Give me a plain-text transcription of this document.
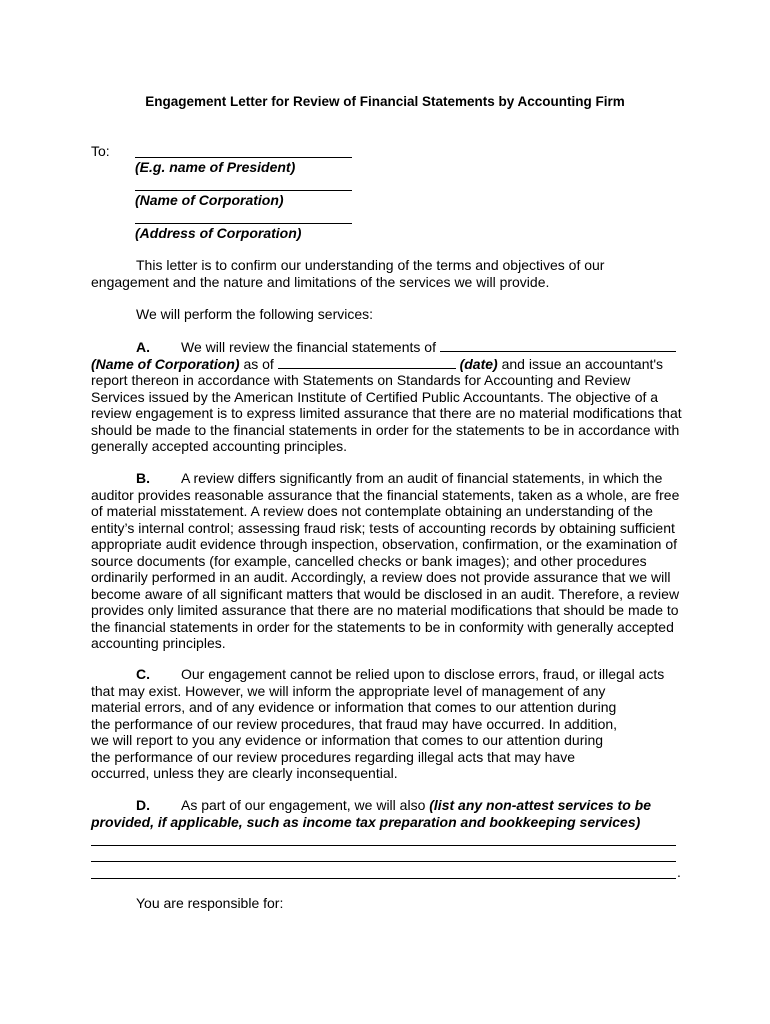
Engagement Letter for Review of Financial Statements by Accounting Firm
To:
(E.g. name of President)
(Name of Corporation)
(Address of Corporation)

This letter is to confirm our understanding of the terms and objectives of our engagement and the nature and limitations of the services we will provide.

We will perform the following services:

A. We will review the financial statements of
(Name of Corporation) as of	(date) and issue an accountant's report thereon in accordance with Statements on Standards for Accounting and Review Services issued by the American Institute of Certified Public Accountants. The objective of a review engagement is to express limited assurance that there are no material modifications that should be made to the financial statements in order for the statements to be in accordance with generally accepted accounting principles.

B. A review differs significantly from an audit of financial statements, in which the auditor provides reasonable assurance that the financial statements, taken as a whole, are free of material misstatement. A review does not contemplate obtaining an understanding of the entity’s internal control; assessing fraud risk; tests of accounting records by obtaining sufficient appropriate audit evidence through inspection, observation, confirmation, or the examination of source documents (for example, cancelled checks or bank images); and other procedures ordinarily performed in an audit. Accordingly, a review does not provide assurance that we will become aware of all significant matters that would be disclosed in an audit. Therefore, a review provides only limited assurance that there are no material modifications that should be made to the financial statements in order for the statements to be in conformity with generally accepted accounting principles.

C. Our engagement cannot be relied upon to disclose errors, fraud, or illegal acts
that may exist. However, we will inform the appropriate level of management of any
material errors, and of any evidence or information that comes to our attention during
the performance of our review procedures, that fraud may have occurred. In addition,
we will report to you any evidence or information that comes to our attention during
the performance of our review procedures regarding illegal acts that may have
occurred, unless they are clearly inconsequential.

D. As part of our engagement, we will also (list any non-attest services to be provided, if applicable, such as income tax preparation and bookkeeping services)

.

You are responsible for:
